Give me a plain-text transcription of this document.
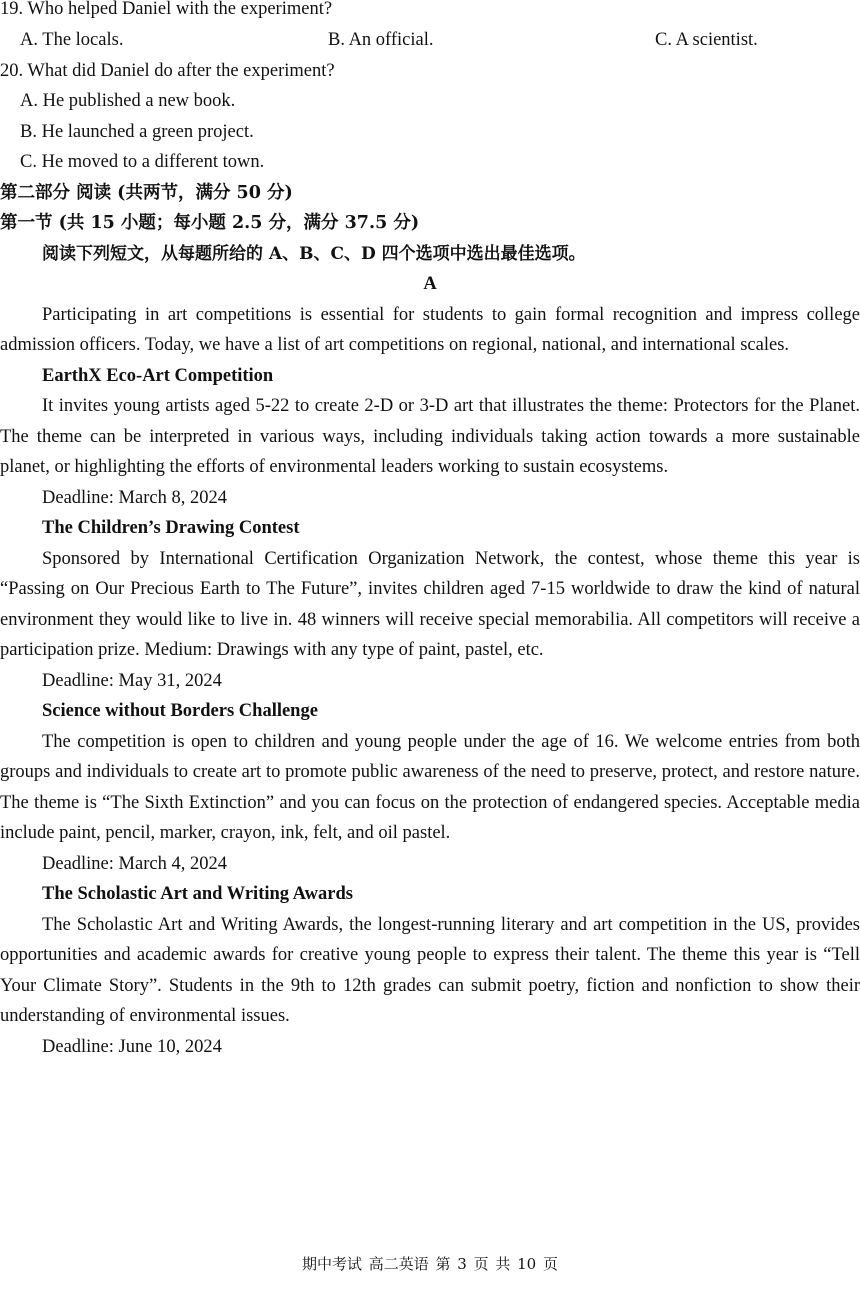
19. Who helped Daniel with the experiment?

A. The locals.	B. An official.	C. A scientist.

20. What did Daniel do after the experiment?

A. He published a new book.

B. He launched a green project.

C. He moved to a different town.

第二部分 阅读 (共两节，满分 50 分)

第一节 (共 15 小题；每小题 2.5 分，满分 37.5 分)

阅读下列短文，从每题所给的 A、B、C、D 四个选项中选出最佳选项。

A

Participating in art competitions is essential for students to gain formal recognition and impress college admission officers. Today, we have a list of art competitions on regional, national, and international scales.

EarthX Eco-Art Competition

It invites young artists aged 5-22 to create 2-D or 3-D art that illustrates the theme: Protectors for the Planet. The theme can be interpreted in various ways, including individuals taking action towards a more sustainable planet, or highlighting the efforts of environmental leaders working to sustain ecosystems.

Deadline: March 8, 2024

The Children’s Drawing Contest

Sponsored by International Certification Organization Network, the contest, whose theme this year is “Passing on Our Precious Earth to The Future”, invites children aged 7-15 worldwide to draw the kind of natural environment they would like to live in. 48 winners will receive special memorabilia. All competitors will receive a participation prize. Medium: Drawings with any type of paint, pastel, etc.

Deadline: May 31, 2024

Science without Borders Challenge

The competition is open to children and young people under the age of 16. We welcome entries from both groups and individuals to create art to promote public awareness of the need to preserve, protect, and restore nature. The theme is “The Sixth Extinction” and you can focus on the protection of endangered species. Acceptable media include paint, pencil, marker, crayon, ink, felt, and oil pastel.

Deadline: March 4, 2024

The Scholastic Art and Writing Awards

The Scholastic Art and Writing Awards, the longest-running literary and art competition in the US, provides opportunities and academic awards for creative young people to express their talent. The theme this year is “Tell Your Climate Story”. Students in the 9th to 12th grades can submit poetry, fiction and nonfiction to show their understanding of environmental issues.

Deadline: June 10, 2024

期中考试 高二英语 第 3 页 共 10 页
